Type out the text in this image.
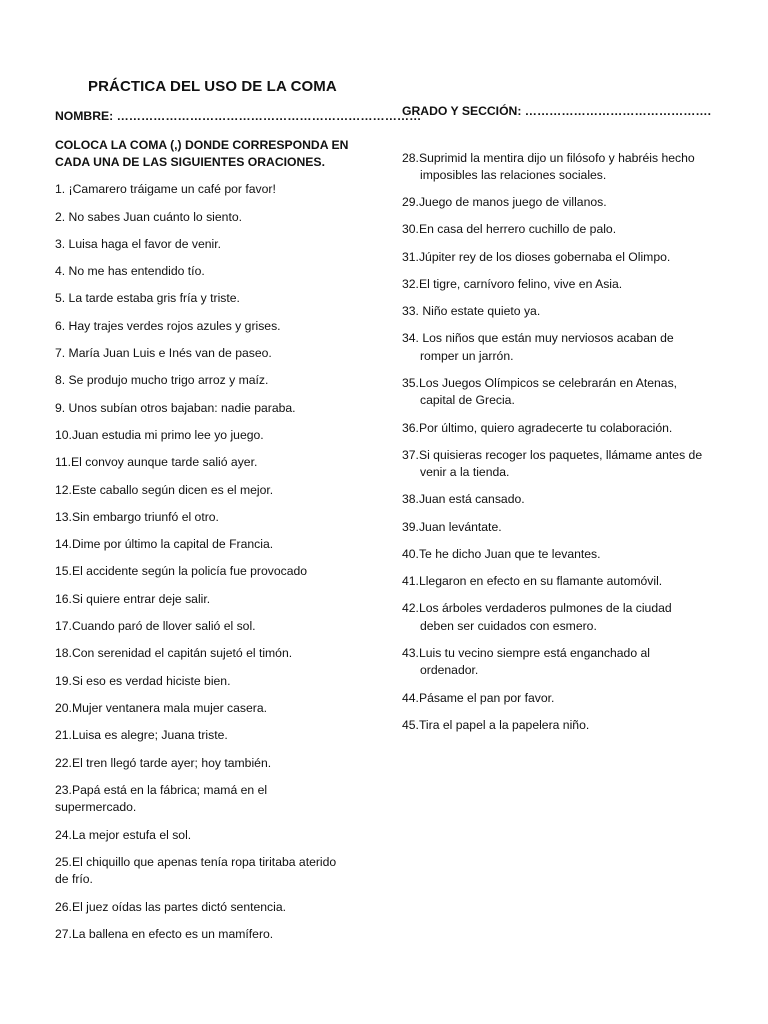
PRÁCTICA DEL USO DE LA COMA
NOMBRE: …………………………………………………………………
COLOCA LA COMA (,) DONDE CORRESPONDA EN CADA UNA DE LAS SIGUIENTES ORACIONES.
1. ¡Camarero tráigame un café por favor!
2. No sabes Juan cuánto lo siento.
3. Luisa haga el favor de venir.
4. No me has entendido tío.
5. La tarde estaba gris fría y triste.
6. Hay trajes verdes rojos azules y grises.
7. María Juan Luis e Inés van de paseo.
8. Se produjo mucho trigo arroz y maíz.
9. Unos subían otros bajaban: nadie paraba.
10.Juan estudia mi primo lee yo juego.
11.El convoy aunque tarde salió ayer.
12.Este caballo según dicen es el mejor.
13.Sin embargo triunfó el otro.
14.Dime por último la capital de Francia.
15.El accidente según la policía fue provocado
16.Si quiere entrar deje salir.
17.Cuando paró de llover salió el sol.
18.Con serenidad el capitán sujetó el timón.
19.Si eso es verdad hiciste bien.
20.Mujer ventanera mala mujer casera.
21.Luisa es alegre; Juana triste.
22.El tren llegó tarde ayer; hoy también.
23.Papá está en la fábrica; mamá en el
supermercado.
24.La mejor estufa el sol.
25.El chiquillo que apenas tenía ropa tiritaba aterido
de frío.
26.El juez oídas las partes dictó sentencia.
27.La ballena en efecto es un mamífero.
GRADO Y SECCIÓN: ……………………………………….
28.Suprimid la mentira dijo un filósofo y habréis hecho
imposibles las relaciones sociales.
29.Juego de manos juego de villanos.
30.En casa del herrero cuchillo de palo.
31.Júpiter rey de los dioses gobernaba el Olimpo.
32.El tigre, carnívoro felino, vive en Asia.
33. Niño estate quieto ya.
34. Los niños que están muy nerviosos acaban de
romper un jarrón.
35.Los Juegos Olímpicos se celebrarán en Atenas,
capital de Grecia.
36.Por último, quiero agradecerte tu colaboración.
37.Si quisieras recoger los paquetes, llámame antes de
venir a la tienda.
38.Juan está cansado.
39.Juan levántate.
40.Te he dicho Juan que te levantes.
41.Llegaron en efecto en su flamante automóvil.
42.Los árboles verdaderos pulmones de la ciudad
deben ser cuidados con esmero.
43.Luis tu vecino siempre está enganchado al
ordenador.
44.Pásame el pan por favor.
45.Tira el papel a la papelera niño.
